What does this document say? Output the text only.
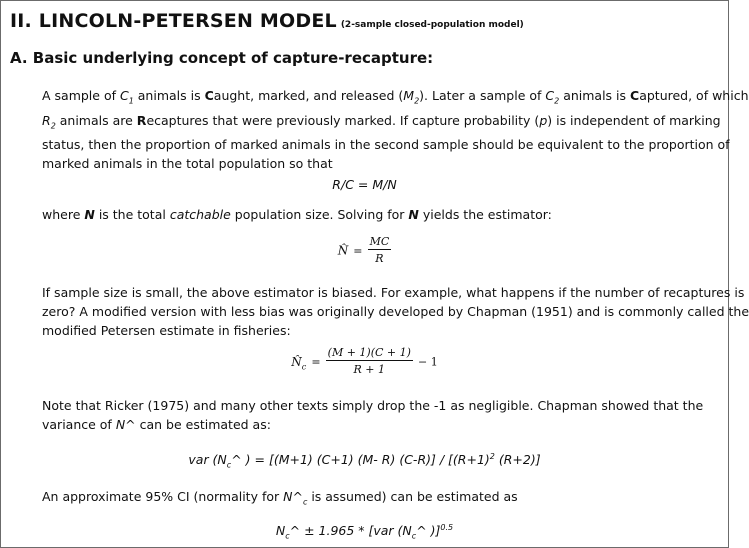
II. LINCOLN-PETERSEN MODEL (2-sample closed-population model)
A. Basic underlying concept of capture-recapture:
A sample of $C_1$ animals is Caught, marked, and released $(M_2)$. Later a sample of $C_2$ animals is Captured, of which
$R_2$ animals are Recaptures that were previously marked. If capture probability (p) is independent of marking
status, then the proportion of marked animals in the second sample should be equivalent to the proportion of
marked animals in the total population so that
R/C = M/N
where N is the total catchable population size. Solving for N yields the estimator:
N̂ = $\frac{MC}{R}$
If sample size is small, the above estimator is biased. For example, what happens if the number of recaptures is
zero? A modified version with less bias was originally developed by Chapman (1951) and is commonly called the
modified Petersen estimate in fisheries:
$N̂_c = \frac{(M + 1)(C + 1)}{R + 1} - 1$
Note that Ricker (1975) and many other texts simply drop the -1 as negligible. Chapman showed that the
variance of N^ can be estimated as:
var ($N_c\^{}$ ) = [(M+1) (C+1) (M- R) $(C-R)] / [(R+1)^2$ (R+2)]
An approximate 95% CI (normality for $N\^{}_c$ is assumed) can be estimated as
$N_c\^{} \pm 1.965 * [var$ ($N_c\^{}$ )]$^{0.5}$
